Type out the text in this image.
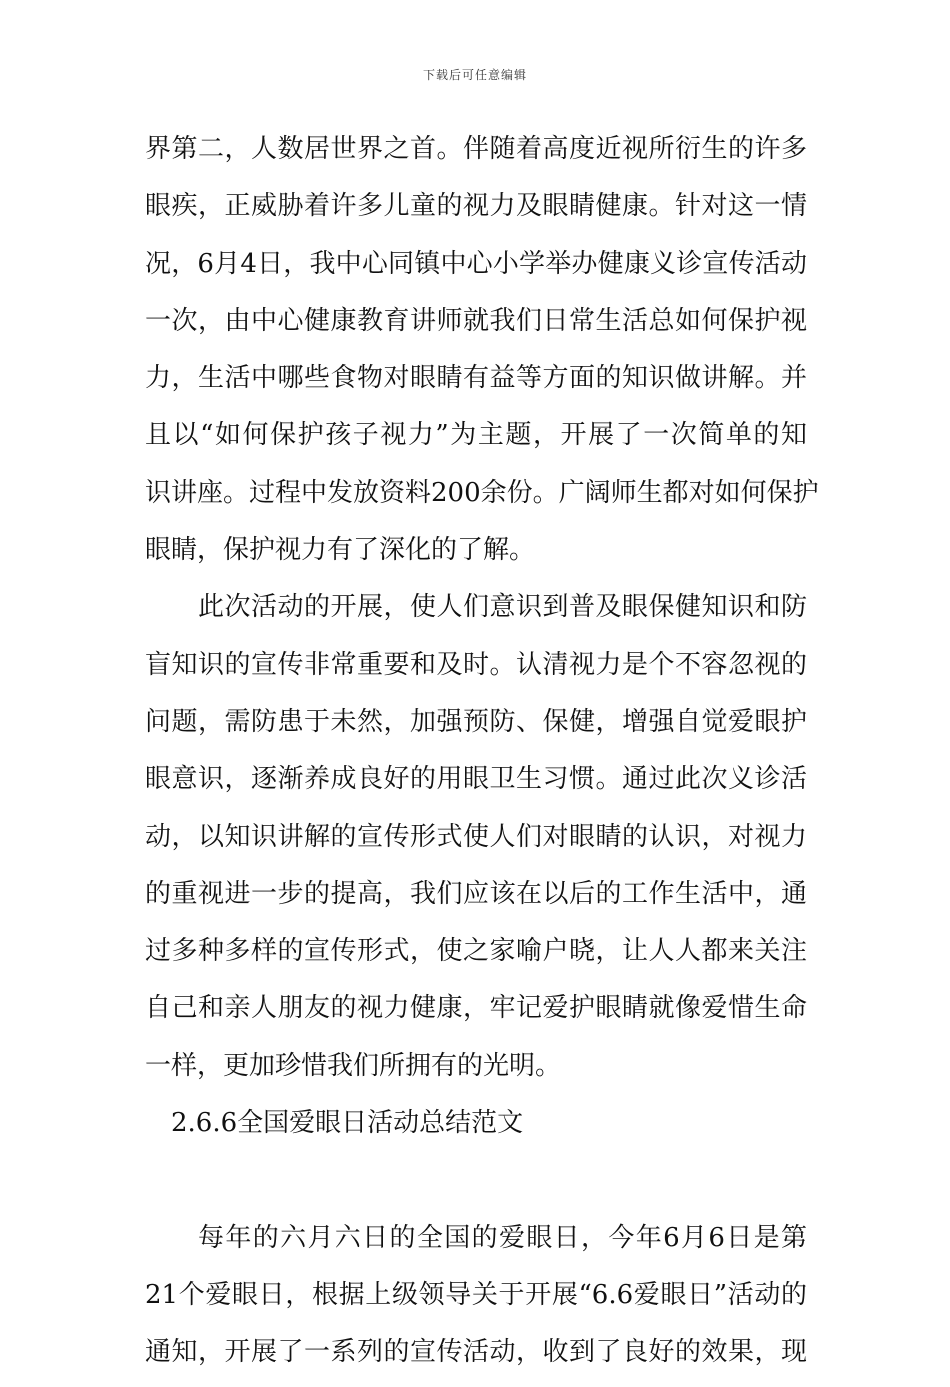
下载后可任意编辑
界第二，人数居世界之首。伴随着高度近视所衍生的许多
眼疾，正威胁着许多儿童的视力及眼睛健康。针对这一情
况，6月4日，我中心同镇中心小学举办健康义诊宣传活动
一次，由中心健康教育讲师就我们日常生活总如何保护视
力，生活中哪些食物对眼睛有益等方面的知识做讲解。并
且以“如何保护孩子视力”为主题，开展了一次简单的知
识讲座。过程中发放资料200余份。广阔师生都对如何保护
眼睛，保护视力有了深化的了解。
此次活动的开展，使人们意识到普及眼保健知识和防
盲知识的宣传非常重要和及时。认清视力是个不容忽视的
问题，需防患于未然，加强预防、保健，增强自觉爱眼护
眼意识，逐渐养成良好的用眼卫生习惯。通过此次义诊活
动，以知识讲解的宣传形式使人们对眼睛的认识，对视力
的重视进一步的提高，我们应该在以后的工作生活中，通
过多种多样的宣传形式，使之家喻户晓，让人人都来关注
自己和亲人朋友的视力健康，牢记爱护眼睛就像爱惜生命
一样，更加珍惜我们所拥有的光明。
2.6.6全国爱眼日活动总结范文
每年的六月六日的全国的爱眼日，今年6月6日是第
21个爱眼日，根据上级领导关于开展“6.6爱眼日”活动的
通知，开展了一系列的宣传活动，收到了良好的效果，现
